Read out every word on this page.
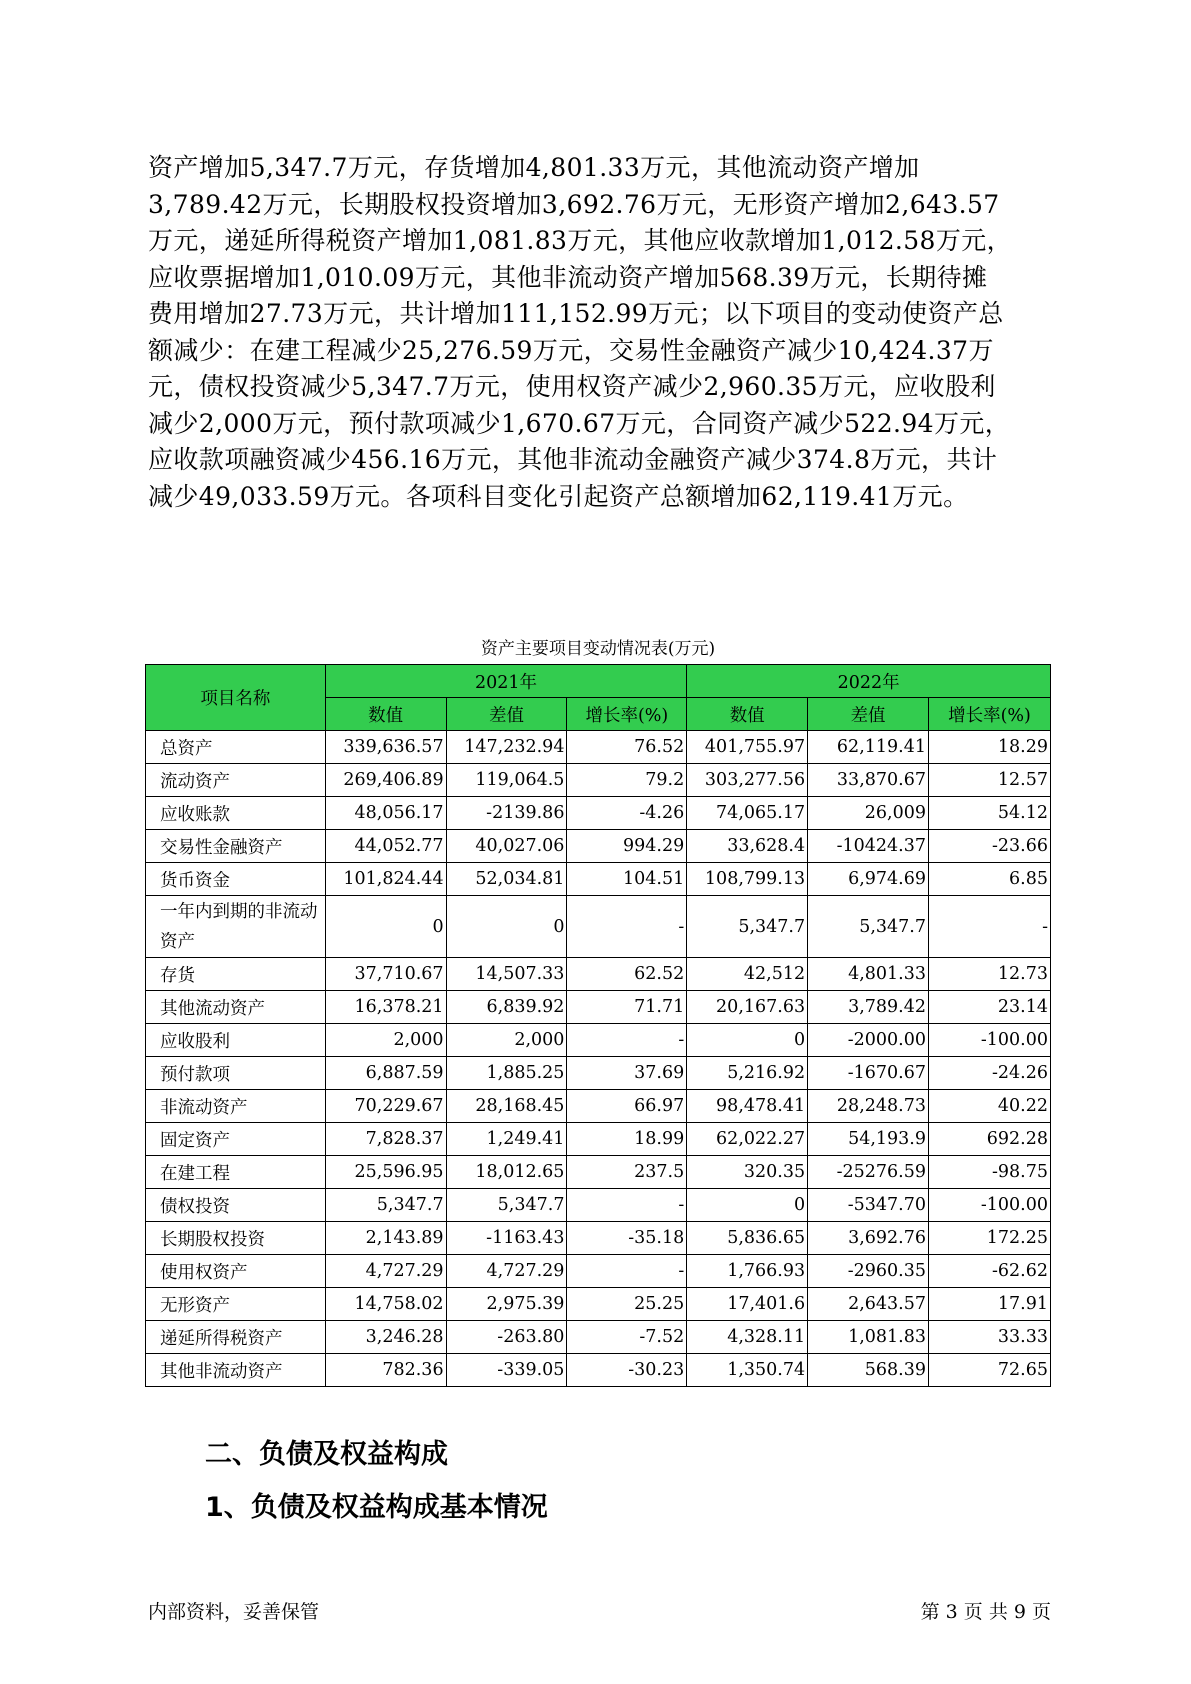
资产增加5,347.7万元，存货增加4,801.33万元，其他流动资产增加
3,789.42万元，长期股权投资增加3,692.76万元，无形资产增加2,643.57
万元，递延所得税资产增加1,081.83万元，其他应收款增加1,012.58万元，
应收票据增加1,010.09万元，其他非流动资产增加568.39万元，长期待摊
费用增加27.73万元，共计增加111,152.99万元；以下项目的变动使资产总
额减少：在建工程减少25,276.59万元，交易性金融资产减少10,424.37万
元，债权投资减少5,347.7万元，使用权资产减少2,960.35万元，应收股利
减少2,000万元，预付款项减少1,670.67万元，合同资产减少522.94万元，
应收款项融资减少456.16万元，其他非流动金融资产减少374.8万元，共计
减少49,033.59万元。各项科目变化引起资产总额增加62,119.41万元。
资产主要项目变动情况表(万元)
项目名称	2021年			2022年		
	数值	差值	增长率(%)	数值	差值	增长率(%)
总资产	339,636.57	147,232.94	76.52	401,755.97	62,119.41	18.29
流动资产	269,406.89	119,064.5	79.2	303,277.56	33,870.67	12.57
应收账款	48,056.17	-2139.86	-4.26	74,065.17	26,009	54.12
交易性金融资产	44,052.77	40,027.06	994.29	33,628.4	-10424.37	-23.66
货币资金	101,824.44	52,034.81	104.51	108,799.13	6,974.69	6.85
一年内到期的非流动资产	0	0	-	5,347.7	5,347.7	-
存货	37,710.67	14,507.33	62.52	42,512	4,801.33	12.73
其他流动资产	16,378.21	6,839.92	71.71	20,167.63	3,789.42	23.14
应收股利	2,000	2,000	-	0	-2000.00	-100.00
预付款项	6,887.59	1,885.25	37.69	5,216.92	-1670.67	-24.26
非流动资产	70,229.67	28,168.45	66.97	98,478.41	28,248.73	40.22
固定资产	7,828.37	1,249.41	18.99	62,022.27	54,193.9	692.28
在建工程	25,596.95	18,012.65	237.5	320.35	-25276.59	-98.75
债权投资	5,347.7	5,347.7	-	0	-5347.70	-100.00
长期股权投资	2,143.89	-1163.43	-35.18	5,836.65	3,692.76	172.25
使用权资产	4,727.29	4,727.29	-	1,766.93	-2960.35	-62.62
无形资产	14,758.02	2,975.39	25.25	17,401.6	2,643.57	17.91
递延所得税资产	3,246.28	-263.80	-7.52	4,328.11	1,081.83	33.33
其他非流动资产	782.36	-339.05	-30.23	1,350.74	568.39	72.65
二、负债及权益构成
1、负债及权益构成基本情况
内部资料，妥善保管	第 3 页 共 9 页
